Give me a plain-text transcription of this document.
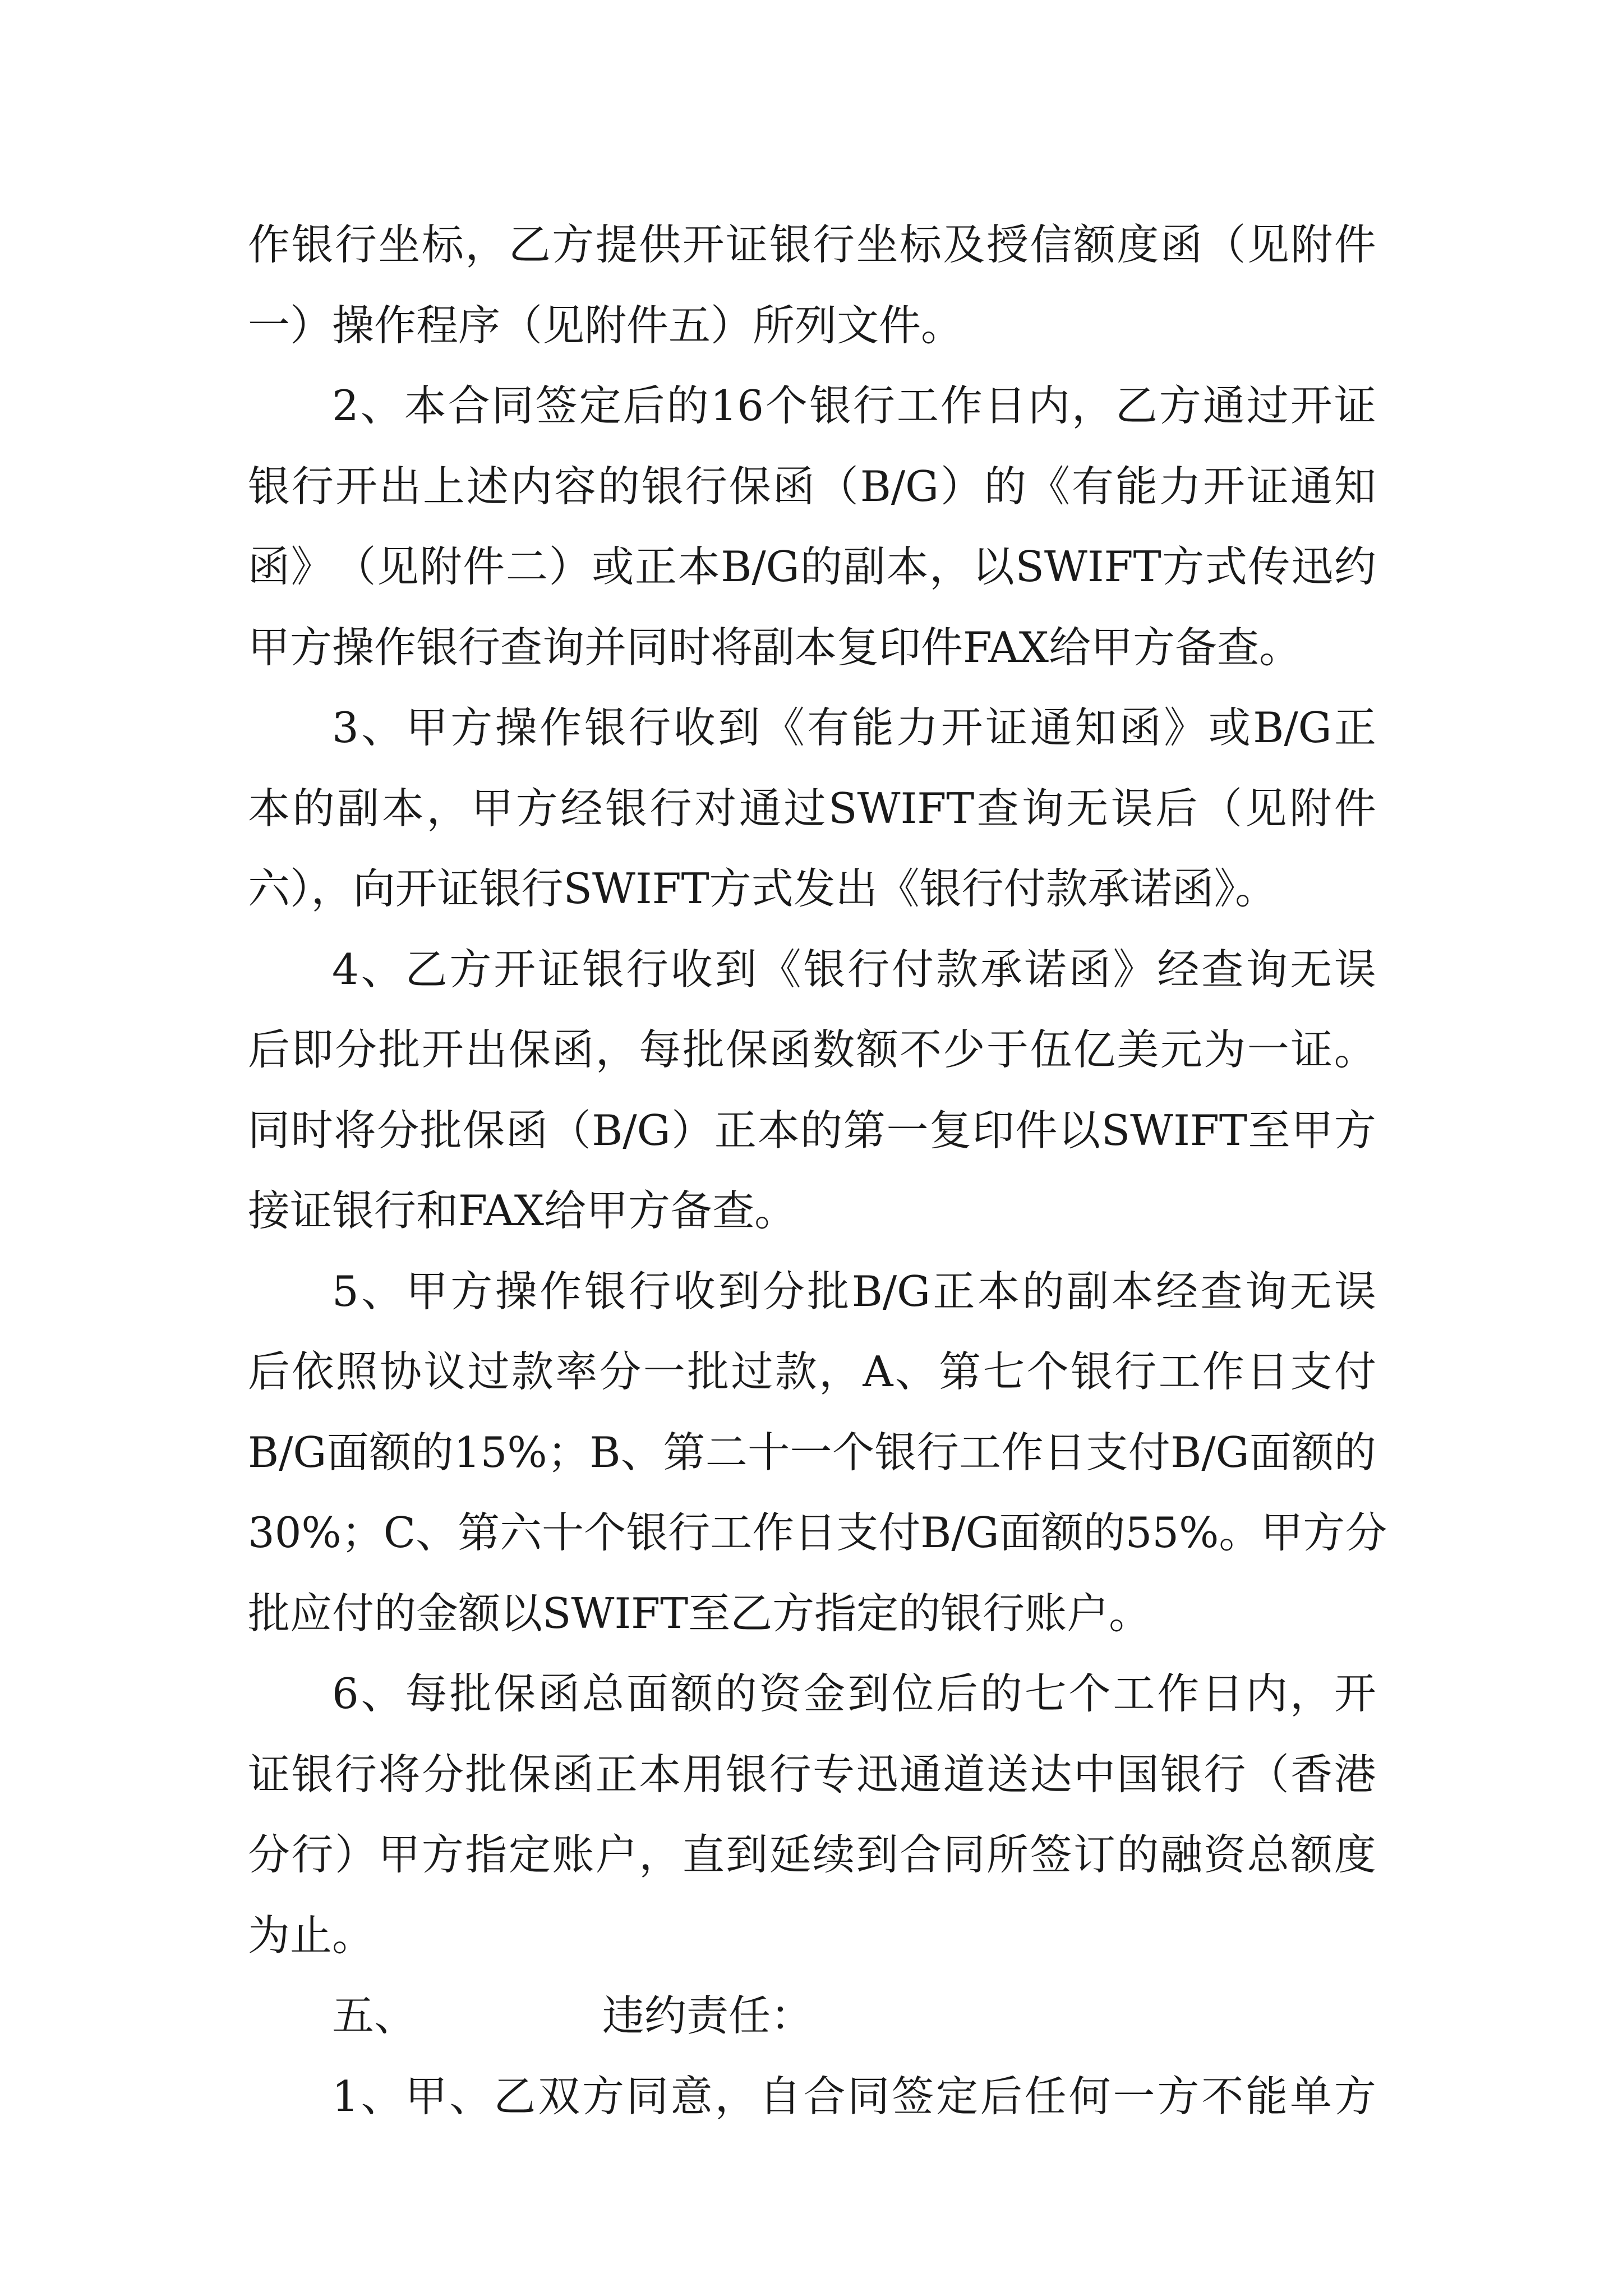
作 银 行 坐 标 ， 乙 方 提 供 开 证 银 行 坐 标 及 授 信 额 度 函 （ 见 附 件
一）操作程序（见附件五）所列文件。
2 、 本 合 同 签 定 后 的 16 个 银 行 工 作 日 内 ， 乙 方 通 过 开 证
银 行 开 出 上 述 内 容 的 银 行 保 函 （ B/G ） 的 《 有 能 力 开 证 通 知
函 》 （ 见 附 件 二 ） 或 正 本 B/G 的 副 本 ， 以 SWIFT 方 式 传 迅 约
甲方操作银行查询并同时将副本复印件FAX给甲方备查。
3 、 甲 方 操 作 银 行 收 到 《 有 能 力 开 证 通 知 函 》 或 B/G 正
本 的 副 本 ， 甲 方 经 银 行 对 通 过 SWIFT 查 询 无 误 后 （ 见 附 件
六），向开证银行SWIFT方式发出《银行付款承诺函》。
4 、 乙 方 开 证 银 行 收 到 《 银 行 付 款 承 诺 函 》 经 查 询 无 误
后 即 分 批 开 出 保 函 ， 每 批 保 函 数 额 不 少 于 伍 亿 美 元 为 一 证 。
同 时 将 分 批 保 函 （ B/G ） 正 本 的 第 一 复 印 件 以 SWIFT 至 甲 方
接证银行和FAX给甲方备查。
5 、 甲 方 操 作 银 行 收 到 分 批 B/G 正 本 的 副 本 经 查 询 无 误
后 依 照 协 议 过 款 率 分 一 批 过 款 ， A 、 第 七 个 银 行 工 作 日 支 付
B/G 面 额 的 15% ； B 、 第 二 十 一 个 银 行 工 作 日 支 付 B/G 面 额 的
30% ； C 、 第 六 十 个 银 行 工 作 日 支 付 B/G 面 额 的 55% 。 甲 方 分
批应付的金额以SWIFT至乙方指定的银行账户。
6 、 每 批 保 函 总 面 额 的 资 金 到 位 后 的 七 个 工 作 日 内 ， 开
证 银 行 将 分 批 保 函 正 本 用 银 行 专 迅 通 道 送 达 中 国 银 行 （ 香 港
分 行 ） 甲 方 指 定 账 户 ， 直 到 延 续 到 合 同 所 签 订 的 融 资 总 额 度
为止。
五、	违约责任：
1 、 甲 、 乙 双 方 同 意 ， 自 合 同 签 定 后 任 何 一 方 不 能 单 方
